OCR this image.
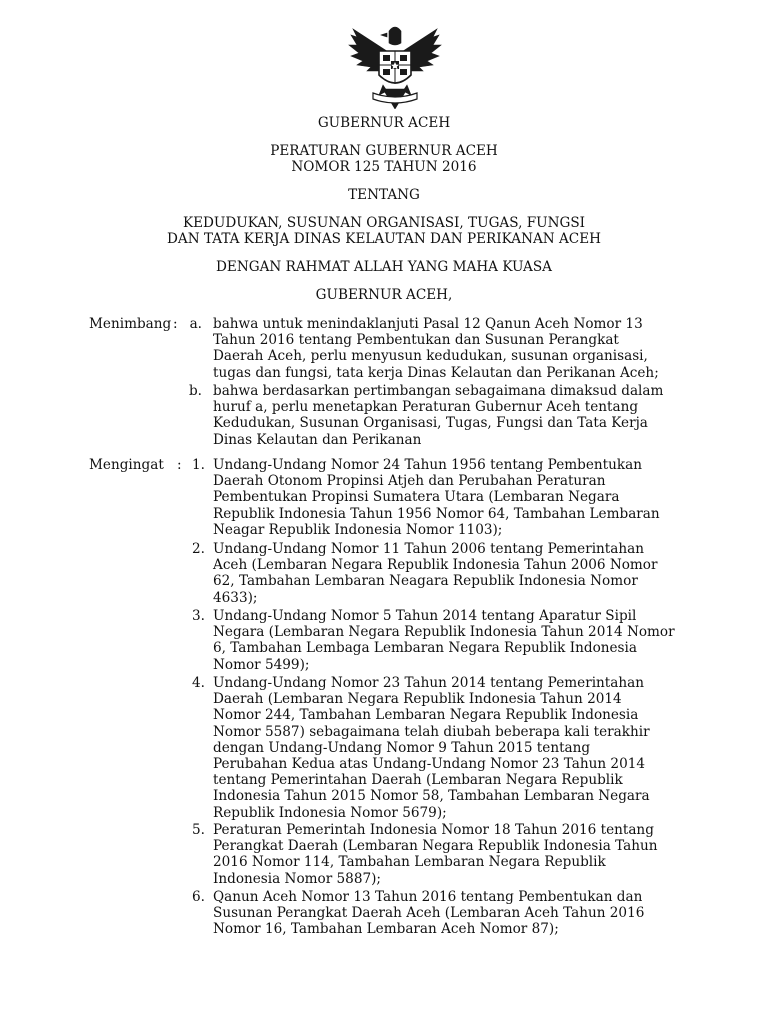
GUBERNUR ACEH
PERATURAN GUBERNUR ACEH
NOMOR 125 TAHUN 2016
TENTANG
KEDUDUKAN, SUSUNAN ORGANISASI, TUGAS, FUNGSI
DAN TATA KERJA DINAS KELAUTAN DAN PERIKANAN ACEH
DENGAN RAHMAT ALLAH YANG MAHA KUASA
GUBERNUR ACEH,
Menimbang : a. bahwa untuk menindaklanjuti Pasal 12 Qanun Aceh Nomor 13
Tahun 2016 tentang Pembentukan dan Susunan Perangkat
Daerah Aceh, perlu menyusun kedudukan, susunan organisasi,
tugas dan fungsi, tata kerja Dinas Kelautan dan Perikanan Aceh;
b. bahwa berdasarkan pertimbangan sebagaimana dimaksud dalam
huruf a, perlu menetapkan Peraturan Gubernur Aceh tentang
Kedudukan, Susunan Organisasi, Tugas, Fungsi dan Tata Kerja
Dinas Kelautan dan Perikanan
Mengingat : 1. Undang-Undang Nomor 24 Tahun 1956 tentang Pembentukan
Daerah Otonom Propinsi Atjeh dan Perubahan Peraturan
Pembentukan Propinsi Sumatera Utara (Lembaran Negara
Republik Indonesia Tahun 1956 Nomor 64, Tambahan Lembaran
Neagar Republik Indonesia Nomor 1103);
2. Undang-Undang Nomor 11 Tahun 2006 tentang Pemerintahan
Aceh (Lembaran Negara Republik Indonesia Tahun 2006 Nomor
62, Tambahan Lembaran Neagara Republik Indonesia Nomor
4633);
3. Undang-Undang Nomor 5 Tahun 2014 tentang Aparatur Sipil
Negara (Lembaran Negara Republik Indonesia Tahun 2014 Nomor
6, Tambahan Lembaga Lembaran Negara Republik Indonesia
Nomor 5499);
4. Undang-Undang Nomor 23 Tahun 2014 tentang Pemerintahan
Daerah (Lembaran Negara Republik Indonesia Tahun 2014
Nomor 244, Tambahan Lembaran Negara Republik Indonesia
Nomor 5587) sebagaimana telah diubah beberapa kali terakhir
dengan Undang-Undang Nomor 9 Tahun 2015 tentang
Perubahan Kedua atas Undang-Undang Nomor 23 Tahun 2014
tentang Pemerintahan Daerah (Lembaran Negara Republik
Indonesia Tahun 2015 Nomor 58, Tambahan Lembaran Negara
Republik Indonesia Nomor 5679);
5. Peraturan Pemerintah Indonesia Nomor 18 Tahun 2016 tentang
Perangkat Daerah (Lembaran Negara Republik Indonesia Tahun
2016 Nomor 114, Tambahan Lembaran Negara Republik
Indonesia Nomor 5887);
6. Qanun Aceh Nomor 13 Tahun 2016 tentang Pembentukan dan
Susunan Perangkat Daerah Aceh (Lembaran Aceh Tahun 2016
Nomor 16, Tambahan Lembaran Aceh Nomor 87);
